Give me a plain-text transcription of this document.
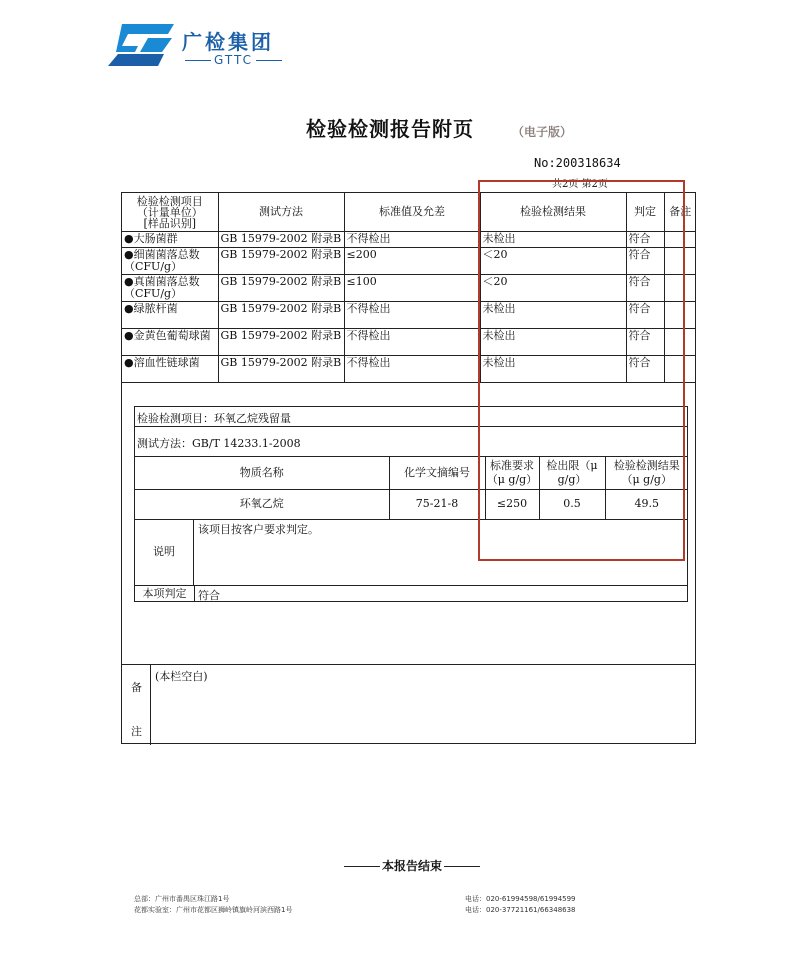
广检集团
GTTC
检验检测报告附页	（电子版）
No:200318634
共2页 第2页
检验检测项目
（计量单位）
[样品识别]	测试方法	标准值及允差	检验检测结果	判定	备注
●大肠菌群	GB 15979-2002 附录B	不得检出	未检出	符合	
●细菌菌落总数（CFU/g）	GB 15979-2002 附录B	≤200	＜20	符合	
●真菌菌落总数（CFU/g）	GB 15979-2002 附录B	≤100	＜20	符合	
●绿脓杆菌	GB 15979-2002 附录B	不得检出	未检出	符合	
●金黄色葡萄球菌	GB 15979-2002 附录B	不得检出	未检出	符合	
●溶血性链球菌	GB 15979-2002 附录B	不得检出	未检出	符合	
检验检测项目：环氧乙烷残留量
测试方法：GB/T 14233.1-2008
物质名称	化学文摘编号	标准要求（μ g/g）	检出限（μ g/g）	检验检测结果（μ g/g）
环氧乙烷	75-21-8	≤250	0.5	49.5
说明
该项目按客户要求判定。
本项判定	符合
备
注
(本栏空白)
本报告结束
总部：广州市番禺区珠江路1号
花都实验室：广州市花都区狮岭镇旗岭河滨西路1号
电话：020-61994598/61994599
电话：020-37721161/66348638
